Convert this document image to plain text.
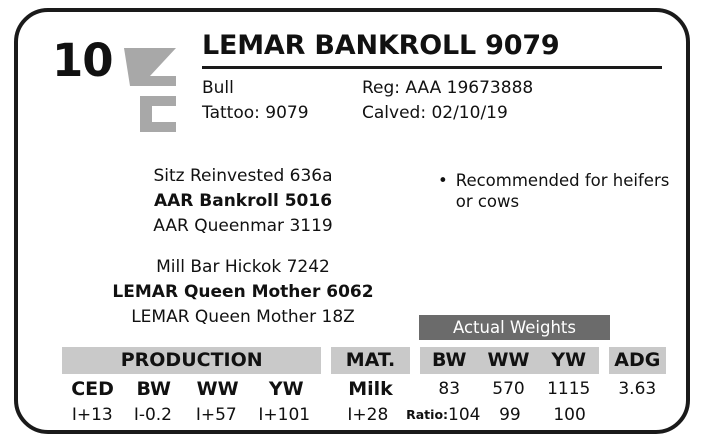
10	LEMAR BANKROLL 9079
Bull
Tattoo: 9079
Reg: AAA 19673888
Calved: 02/10/19
Sitz Reinvested 636a
AAR Bankroll 5016
AAR Queenmar 3119
Mill Bar Hickok 7242
LEMAR Queen Mother 6062
LEMAR Queen Mother 18Z
• Recommended for heifers or cows
Actual Weights
PRODUCTION	MAT.	BW	WW	YW	ADG
CED	BW	WW	YW	Milk	83	570	1115	3.63
I+13	I-0.2	I+57	I+101	I+28	Ratio: 104	99	100
